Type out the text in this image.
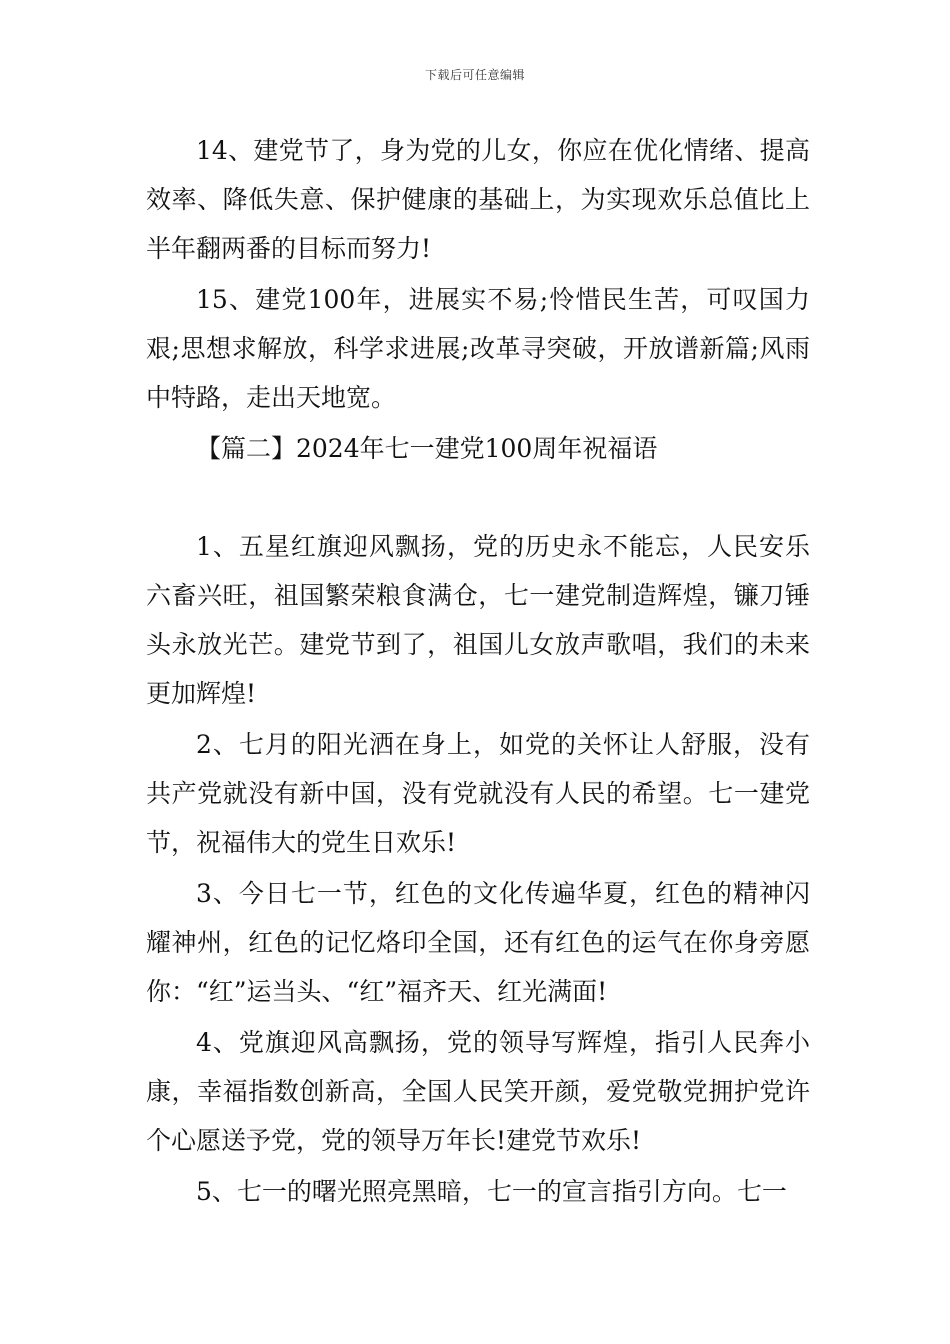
下载后可任意编辑

14、建党节了，身为党的儿女，你应在优化情绪、提高效率、降低失意、保护健康的基础上，为实现欢乐总值比上半年翻两番的目标而努力!

15、建党100年，进展实不易;怜惜民生苦，可叹国力艰;思想求解放，科学求进展;改革寻突破，开放谱新篇;风雨中特路，走出天地宽。

【篇二】2024年七一建党100周年祝福语

1、五星红旗迎风飘扬，党的历史永不能忘，人民安乐六畜兴旺，祖国繁荣粮食满仓，七一建党制造辉煌，镰刀锤头永放光芒。建党节到了，祖国儿女放声歌唱，我们的未来更加辉煌!

2、七月的阳光洒在身上，如党的关怀让人舒服，没有共产党就没有新中国，没有党就没有人民的希望。七一建党节，祝福伟大的党生日欢乐!

3、今日七一节，红色的文化传遍华夏，红色的精神闪耀神州，红色的记忆烙印全国，还有红色的运气在你身旁愿你：“红”运当头、“红”福齐天、红光满面!

4、党旗迎风高飘扬，党的领导写辉煌，指引人民奔小康，幸福指数创新高，全国人民笑开颜，爱党敬党拥护党许个心愿送予党，党的领导万年长!建党节欢乐!

5、七一的曙光照亮黑暗，七一的宣言指引方向。七一
